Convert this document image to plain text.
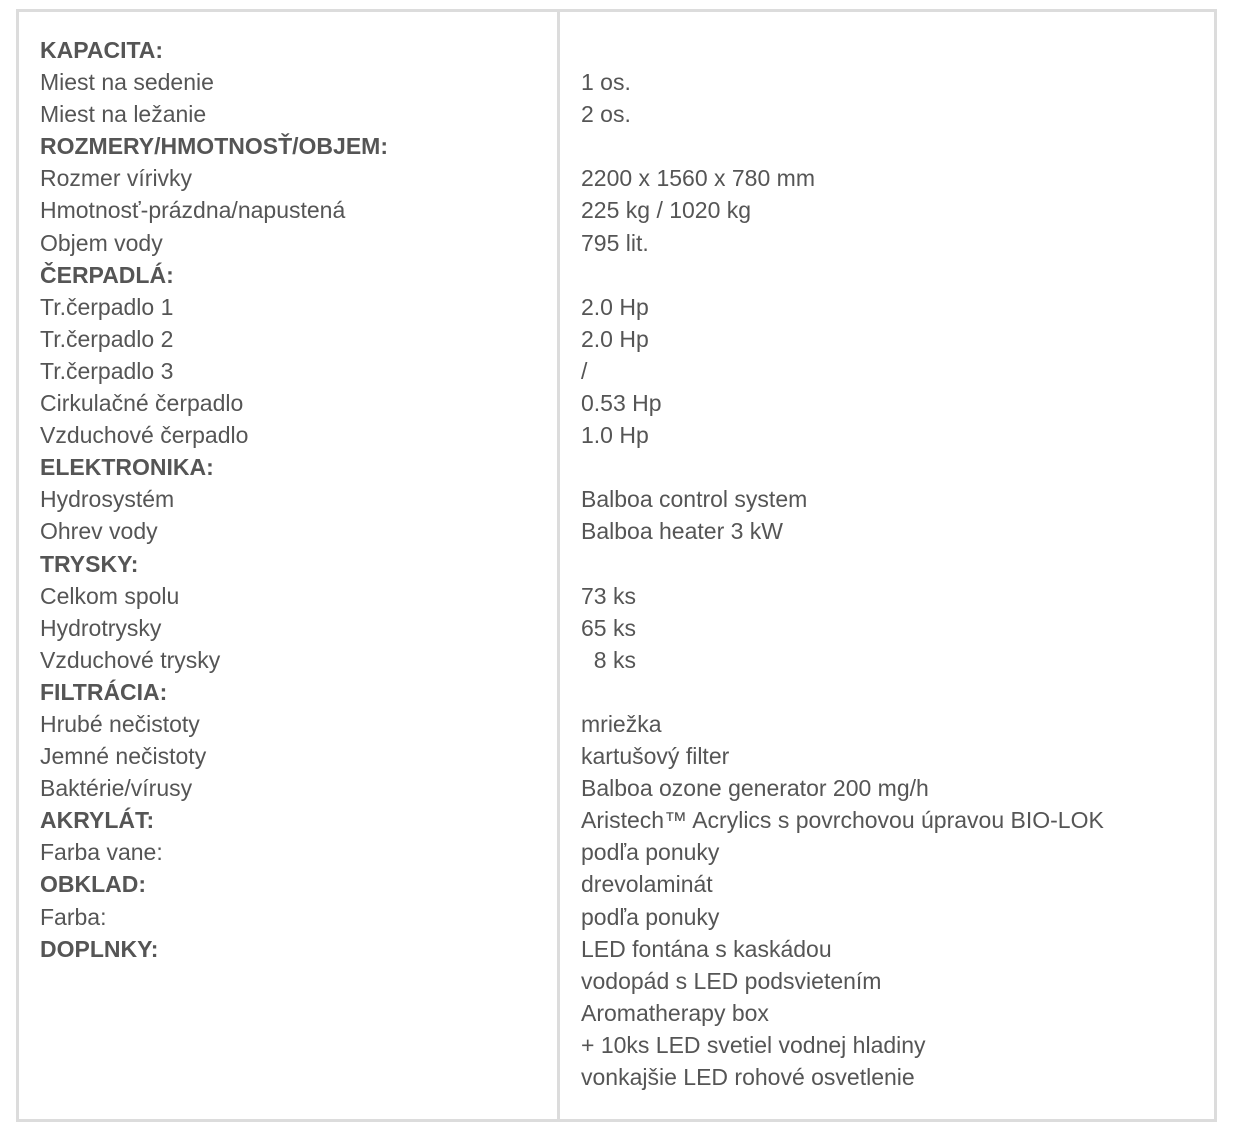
KAPACITA:
Miest na sedenie
Miest na ležanie
ROZMERY/HMOTNOSŤ/OBJEM:
Rozmer vírivky
Hmotnosť-prázdna/napustená
Objem vody
ČERPADLÁ:
Tr.čerpadlo 1
Tr.čerpadlo 2
Tr.čerpadlo 3
Cirkulačné čerpadlo
Vzduchové čerpadlo
ELEKTRONIKA:
Hydrosystém
Ohrev vody
TRYSKY:
Celkom spolu
Hydrotrysky
Vzduchové trysky
FILTRÁCIA:
Hrubé nečistoty
Jemné nečistoty
Baktérie/vírusy
AKRYLÁT:
Farba vane:
OBKLAD:
Farba:
DOPLNKY:
1 os.
2 os.
2200 x 1560 x 780 mm
225 kg / 1020 kg
795 lit.
2.0 Hp
2.0 Hp
/
0.53 Hp
1.0 Hp
Balboa control system
Balboa heater 3 kW
73 ks
65 ks
8 ks
mriežka
kartušový filter
Balboa ozone generator 200 mg/h
Aristech™ Acrylics s povrchovou úpravou BIO-LOK
podľa ponuky
drevolaminát
podľa ponuky
LED fontána s kaskádou
vodopád s LED podsvietením
Aromatherapy box
+ 10ks LED svetiel vodnej hladiny
vonkajšie LED rohové osvetlenie
